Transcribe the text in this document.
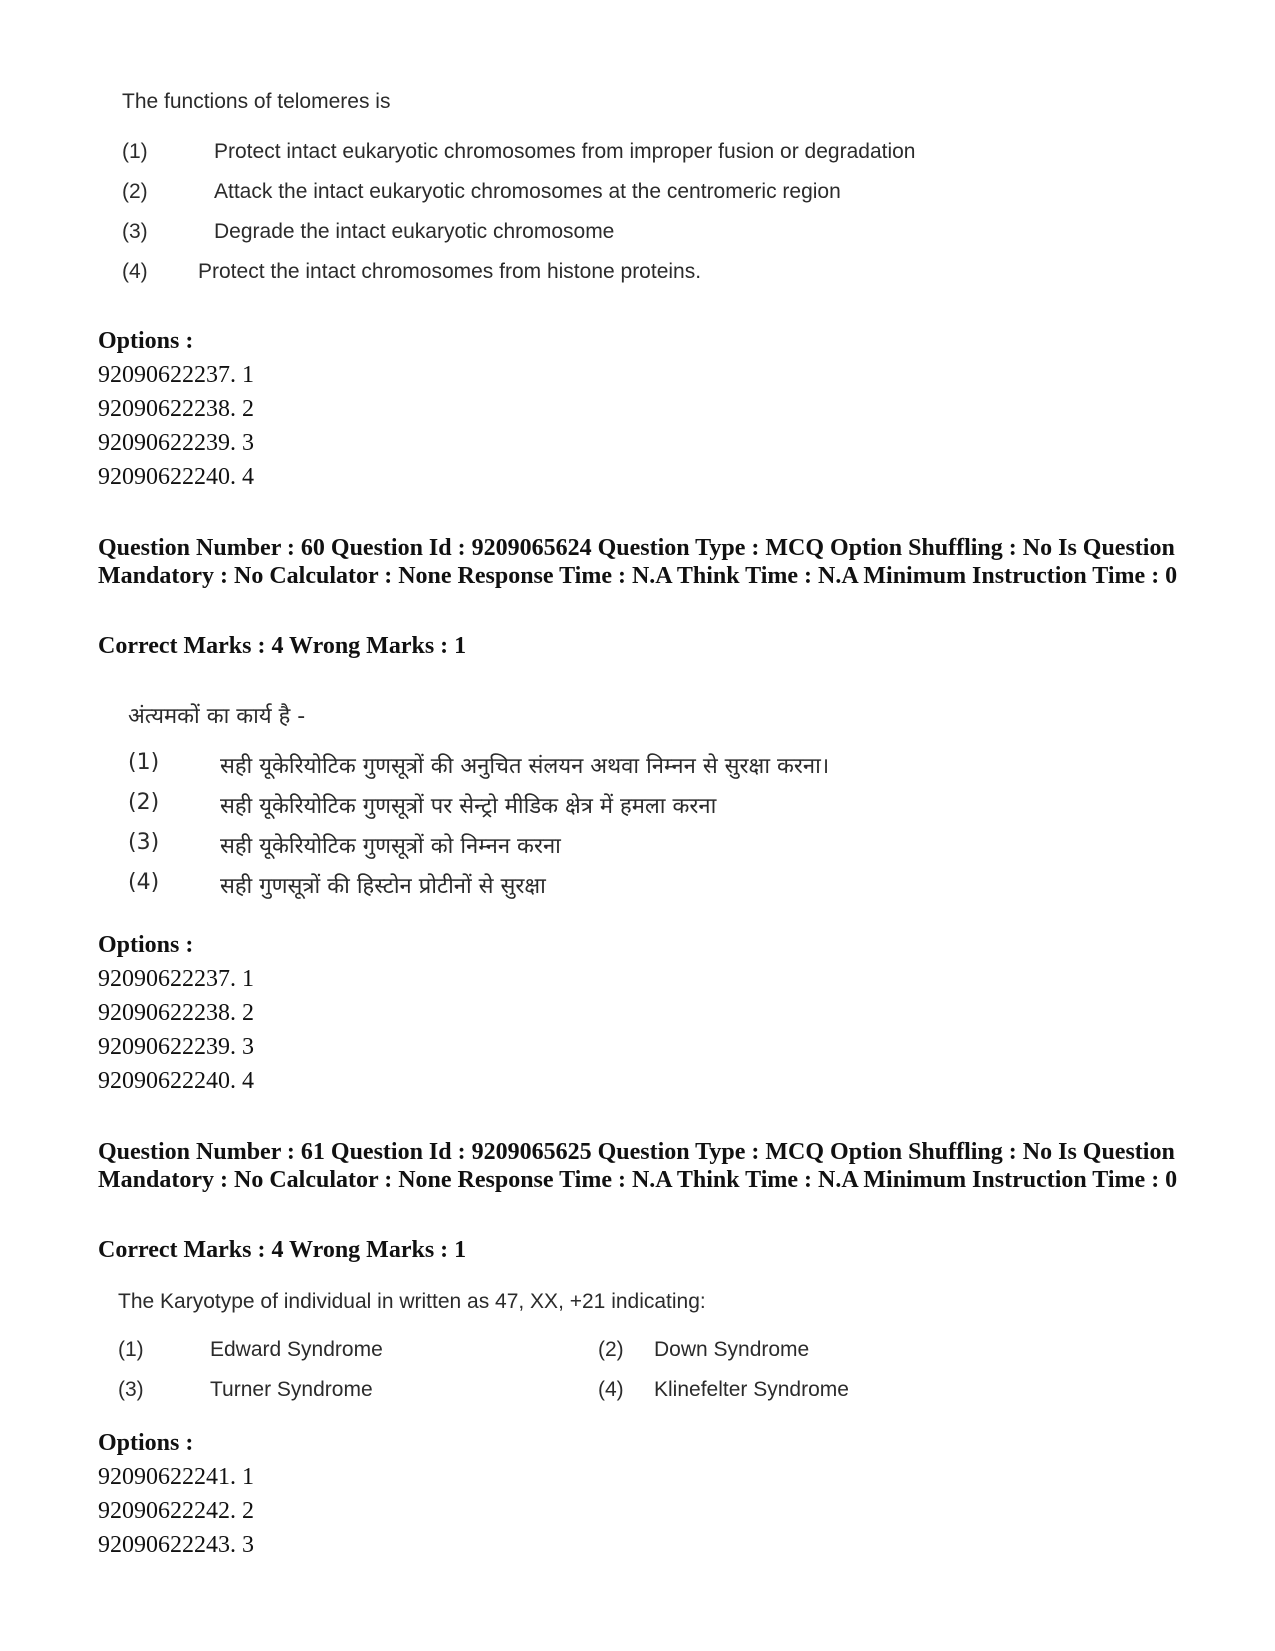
The functions of telomeres is
(1)	Protect intact eukaryotic chromosomes from improper fusion or degradation
(2)	Attack the intact eukaryotic chromosomes at the centromeric region
(3)	Degrade the intact eukaryotic chromosome
(4) Protect the intact chromosomes from histone proteins.
Options :
92090622237. 1
92090622238. 2
92090622239. 3
92090622240. 4
Question Number : 60 Question Id : 9209065624 Question Type : MCQ Option Shuffling : No Is Question Mandatory : No Calculator : None Response Time : N.A Think Time : N.A Minimum Instruction Time : 0
Correct Marks : 4 Wrong Marks : 1
अंत्यमकों का कार्य है -
(1)	सही यूकेरियोटिक गुणसूत्रों की अनुचित संलयन अथवा निम्नन से सुरक्षा करना।
(2)	सही यूकेरियोटिक गुणसूत्रों पर सेन्ट्रो मीडिक क्षेत्र में हमला करना
(3)	सही यूकेरियोटिक गुणसूत्रों को निम्नन करना
(4)	सही गुणसूत्रों की हिस्टोन प्रोटीनों से सुरक्षा
Options :
92090622237. 1
92090622238. 2
92090622239. 3
92090622240. 4
Question Number : 61 Question Id : 9209065625 Question Type : MCQ Option Shuffling : No Is Question Mandatory : No Calculator : None Response Time : N.A Think Time : N.A Minimum Instruction Time : 0
Correct Marks : 4 Wrong Marks : 1
The Karyotype of individual in written as 47, XX, +21 indicating:
(1)	Edward Syndrome	(2) Down Syndrome
(3)	Turner Syndrome	(4) Klinefelter Syndrome
Options :
92090622241. 1
92090622242. 2
92090622243. 3
